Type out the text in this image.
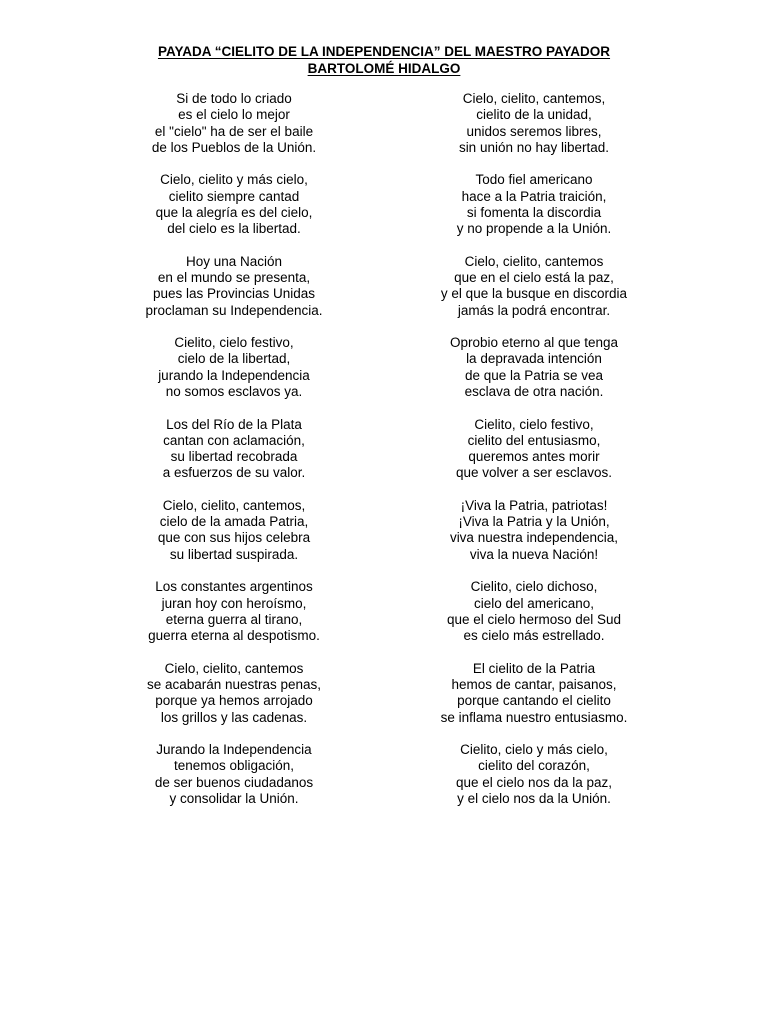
PAYADA “CIELITO DE LA INDEPENDENCIA” DEL MAESTRO PAYADOR
BARTOLOMÉ HIDALGO
Si de todo lo criado
es el cielo lo mejor
el "cielo" ha de ser el baile
de los Pueblos de la Unión.
Cielo, cielito y más cielo,
cielito siempre cantad
que la alegría es del cielo,
del cielo es la libertad.
Hoy una Nación
en el mundo se presenta,
pues las Provincias Unidas
proclaman su Independencia.
Cielito, cielo festivo,
cielo de la libertad,
jurando la Independencia
no somos esclavos ya.
Los del Río de la Plata
cantan con aclamación,
su libertad recobrada
a esfuerzos de su valor.
Cielo, cielito, cantemos,
cielo de la amada Patria,
que con sus hijos celebra
su libertad suspirada.
Los constantes argentinos
juran hoy con heroísmo,
eterna guerra al tirano,
guerra eterna al despotismo.
Cielo, cielito, cantemos
se acabarán nuestras penas,
porque ya hemos arrojado
los grillos y las cadenas.
Jurando la Independencia
tenemos obligación,
de ser buenos ciudadanos
y consolidar la Unión.
Cielo, cielito, cantemos,
cielito de la unidad,
unidos seremos libres,
sin unión no hay libertad.
Todo fiel americano
hace a la Patria traición,
si fomenta la discordia
y no propende a la Unión.
Cielo, cielito, cantemos
que en el cielo está la paz,
y el que la busque en discordia
jamás la podrá encontrar.
Oprobio eterno al que tenga
la depravada intención
de que la Patria se vea
esclava de otra nación.
Cielito, cielo festivo,
cielito del entusiasmo,
queremos antes morir
que volver a ser esclavos.
¡Viva la Patria, patriotas!
¡Viva la Patria y la Unión,
viva nuestra independencia,
viva la nueva Nación!
Cielito, cielo dichoso,
cielo del americano,
que el cielo hermoso del Sud
es cielo más estrellado.
El cielito de la Patria
hemos de cantar, paisanos,
porque cantando el cielito
se inflama nuestro entusiasmo.
Cielito, cielo y más cielo,
cielito del corazón,
que el cielo nos da la paz,
y el cielo nos da la Unión.
